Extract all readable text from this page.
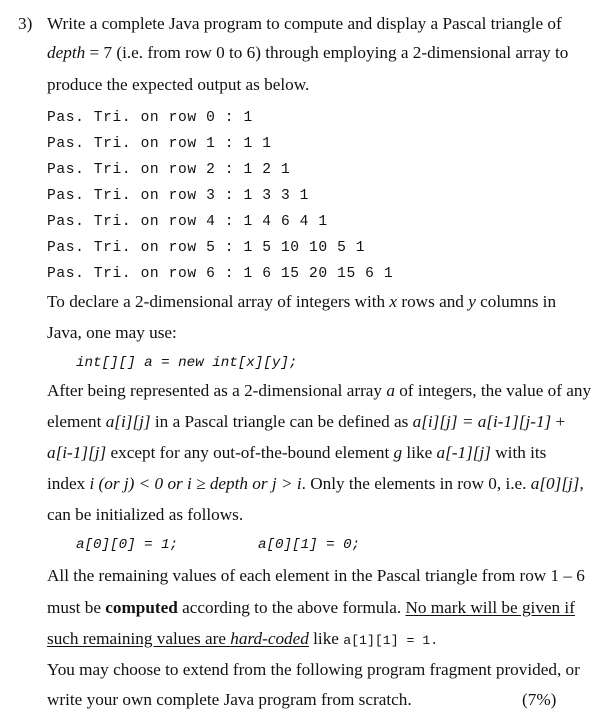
3) Write a complete Java program to compute and display a Pascal triangle of
depth = 7 (i.e. from row 0 to 6) through employing a 2-dimensional array to
produce the expected output as below.
Pas. Tri. on row 0 : 1
Pas. Tri. on row 1 : 1 1
Pas. Tri. on row 2 : 1 2 1
Pas. Tri. on row 3 : 1 3 3 1
Pas. Tri. on row 4 : 1 4 6 4 1
Pas. Tri. on row 5 : 1 5 10 10 5 1
Pas. Tri. on row 6 : 1 6 15 20 15 6 1
To declare a 2-dimensional array of integers with x rows and y columns in
Java, one may use:
int[][] a = new int[x][y];
After being represented as a 2-dimensional array a of integers, the value of any
element a[i][j] in a Pascal triangle can be defined as a[i][j] = a[i-1][j-1] +
a[i-1][j] except for any out-of-the-bound element g like a[-1][j] with its
index i (or j) < 0 or i ≥ depth or j > i. Only the elements in row 0, i.e. a[0][j],
can be initialized as follows.
a[0][0] = 1;	a[0][1] = 0;
All the remaining values of each element in the Pascal triangle from row 1 – 6
must be computed according to the above formula. No mark will be given if
such remaining values are hard-coded like a[1][1] = 1.
You may choose to extend from the following program fragment provided, or
write your own complete Java program from scratch.	(7%)
